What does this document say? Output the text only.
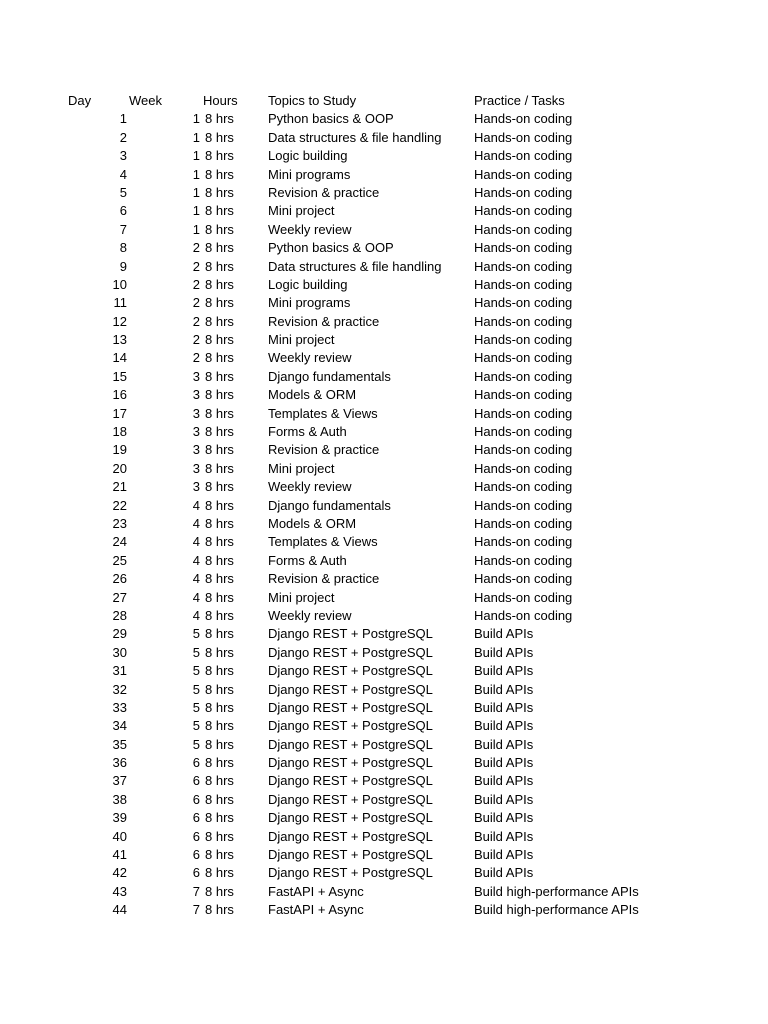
Day	Week	Hours Topics to Study	Practice / Tasks
1	1 8 hrs	Python basics & OOP	Hands-on coding
2	1 8 hrs	Data structures & file handling	Hands-on coding
3	1 8 hrs	Logic building	Hands-on coding
4	1 8 hrs	Mini programs	Hands-on coding
5	1 8 hrs	Revision & practice	Hands-on coding
6	1 8 hrs	Mini project	Hands-on coding
7	1 8 hrs	Weekly review	Hands-on coding
8	2 8 hrs	Python basics & OOP	Hands-on coding
9	2 8 hrs	Data structures & file handling	Hands-on coding
10	2 8 hrs	Logic building	Hands-on coding
11	2 8 hrs	Mini programs	Hands-on coding
12	2 8 hrs	Revision & practice	Hands-on coding
13	2 8 hrs	Mini project	Hands-on coding
14	2 8 hrs	Weekly review	Hands-on coding
15	3 8 hrs	Django fundamentals	Hands-on coding
16	3 8 hrs	Models & ORM	Hands-on coding
17	3 8 hrs	Templates & Views	Hands-on coding
18	3 8 hrs	Forms & Auth	Hands-on coding
19	3 8 hrs	Revision & practice	Hands-on coding
20	3 8 hrs	Mini project	Hands-on coding
21	3 8 hrs	Weekly review	Hands-on coding
22	4 8 hrs	Django fundamentals	Hands-on coding
23	4 8 hrs	Models & ORM	Hands-on coding
24	4 8 hrs	Templates & Views	Hands-on coding
25	4 8 hrs	Forms & Auth	Hands-on coding
26	4 8 hrs	Revision & practice	Hands-on coding
27	4 8 hrs	Mini project	Hands-on coding
28	4 8 hrs	Weekly review	Hands-on coding
29	5 8 hrs	Django REST + PostgreSQL	Build APIs
30	5 8 hrs	Django REST + PostgreSQL	Build APIs
31	5 8 hrs	Django REST + PostgreSQL	Build APIs
32	5 8 hrs	Django REST + PostgreSQL	Build APIs
33	5 8 hrs	Django REST + PostgreSQL	Build APIs
34	5 8 hrs	Django REST + PostgreSQL	Build APIs
35	5 8 hrs	Django REST + PostgreSQL	Build APIs
36	6 8 hrs	Django REST + PostgreSQL	Build APIs
37	6 8 hrs	Django REST + PostgreSQL	Build APIs
38	6 8 hrs	Django REST + PostgreSQL	Build APIs
39	6 8 hrs	Django REST + PostgreSQL	Build APIs
40	6 8 hrs	Django REST + PostgreSQL	Build APIs
41	6 8 hrs	Django REST + PostgreSQL	Build APIs
42	6 8 hrs	Django REST + PostgreSQL	Build APIs
43	7 8 hrs	FastAPI + Async	Build high-performance APIs
44	7 8 hrs	FastAPI + Async	Build high-performance APIs
